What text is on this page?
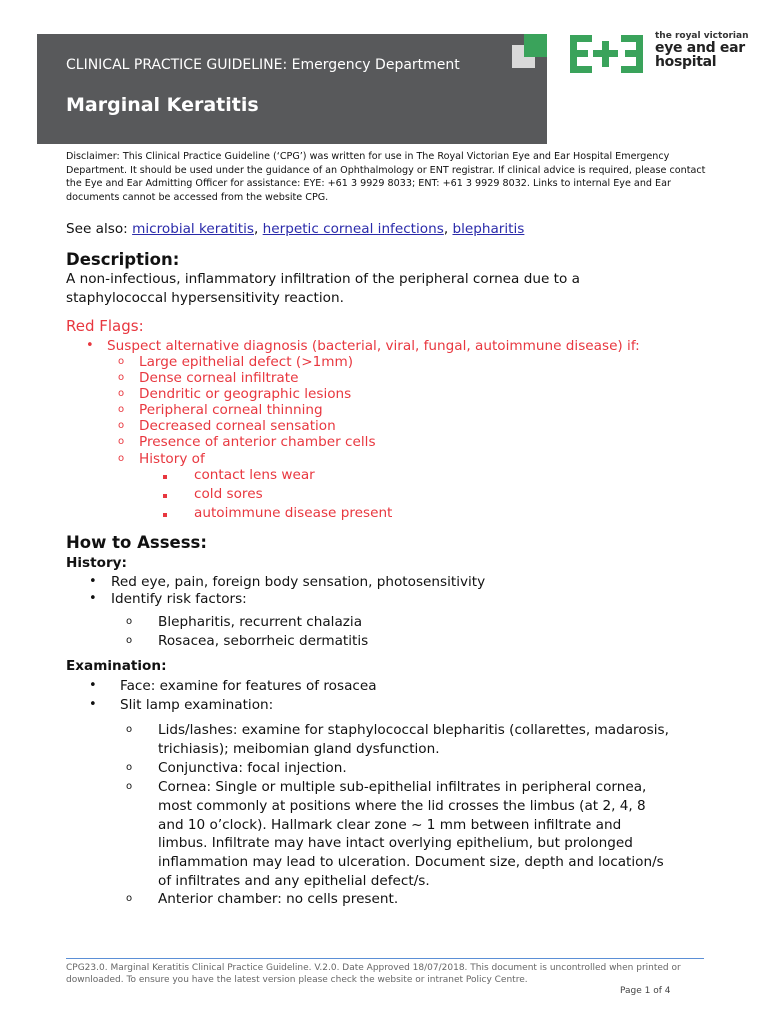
CLINICAL PRACTICE GUIDELINE: Emergency Department
Marginal Keratitis
the royal victorian
eye and ear
hospital
Disclaimer: This Clinical Practice Guideline (‘CPG’) was written for use in The Royal Victorian Eye and Ear Hospital Emergency Department. It should be used under the guidance of an Ophthalmology or ENT registrar. If clinical advice is required, please contact the Eye and Ear Admitting Officer for assistance: EYE: +61 3 9929 8033; ENT: +61 3 9929 8032. Links to internal Eye and Ear documents cannot be accessed from the website CPG.
See also: microbial keratitis, herpetic corneal infections, blepharitis
Description:
A non-infectious, inflammatory infiltration of the peripheral cornea due to a
staphylococcal hypersensitivity reaction.
Red Flags:
• Suspect alternative diagnosis (bacterial, viral, fungal, autoimmune disease) if:
o Large epithelial defect (>1mm)
o Dense corneal infiltrate
o Dendritic or geographic lesions
o Peripheral corneal thinning
o Decreased corneal sensation
o Presence of anterior chamber cells
o History of
contact lens wear
cold sores
autoimmune disease present
How to Assess:
History:
• Red eye, pain, foreign body sensation, photosensitivity
• Identify risk factors:
o Blepharitis, recurrent chalazia
o Rosacea, seborrheic dermatitis
Examination:
• Face: examine for features of rosacea
• Slit lamp examination:
o Lids/lashes: examine for staphylococcal blepharitis (collarettes, madarosis,
trichiasis); meibomian gland dysfunction.
o Conjunctiva: focal injection.
o Cornea: Single or multiple sub-epithelial infiltrates in peripheral cornea,
most commonly at positions where the lid crosses the limbus (at 2, 4, 8
and 10 o’clock). Hallmark clear zone ~ 1 mm between infiltrate and
limbus. Infiltrate may have intact overlying epithelium, but prolonged
inflammation may lead to ulceration. Document size, depth and location/s
of infiltrates and any epithelial defect/s.
o Anterior chamber: no cells present.
CPG23.0. Marginal Keratitis Clinical Practice Guideline. V.2.0. Date Approved 18/07/2018. This document is uncontrolled when printed or downloaded. To ensure you have the latest version please check the website or intranet Policy Centre.
Page 1 of 4
